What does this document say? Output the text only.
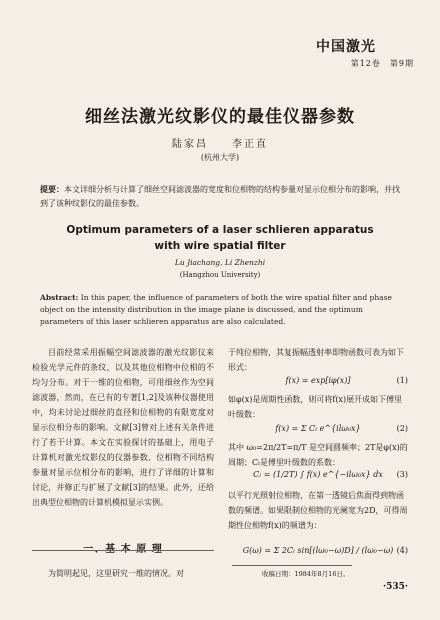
中国激光
第12卷　第9期
细丝法激光纹影仪的最佳仪器参数
陆家昌　　李正直
(杭州大学)
提要：本文详细分析与计算了细丝空间滤波器的宽度和位相物的结构参量对显示位相分布的影响，并找到了该种纹影仪的最佳参数。
Optimum parameters of a laser schlieren apparatus
with wire spatial filter
Lu Jiachang, Li Zhenzhi
(Hangzhou University)
Abstract: In this paper, the influence of parameters of both the wire spatial filter and phase object on the intensity distribution in the image plane is discussed, and the optimum parameters of this laser schlieren apparatus are also calculated.
目前经常采用振幅空间滤波器的激光纹影仪来检验光学元件的条纹，以及其他位相物中位相的不均匀分布。对于一维的位相物，可用细丝作为空间滤波器，然而，在已有的专著[1,2]及该种仪器使用中，均未讨论过细丝的直径和位相物的有限宽度对显示位相分布的影响。文献[3]曾对上述有关条件进行了若干计算。本文在实验探讨的基础上，用电子计算机对激光纹影仪的仪器参数、位相物不同结构参量对显示位相分布的影响，进行了详细的计算和讨论，并修正与扩展了文献[3]的结果。此外，还给出典型位相物的计算机模拟显示实例。
一、基 本 原 理
为简明起见，这里研究一维的情况。对
于纯位相物，其复振幅透射率即物函数可表为如下形式：
f(x) = exp[iφ(x)]	(1)
如φ(x)是周期性函数，则可将f(x)展开成如下傅里叶级数：
f(x) = Σ Cₗ e^{ilω₀x}	(2)
其中 ω₀=2π/2T=π/T 是空间圆频率；2T是φ(x)的周期；Cₗ是傅里叶级数的系数：
Cₗ = (1/2T) ∫ f(x) e^{−ilω₀x} dx (3)
以平行光照射位相物，在第一透镜后焦面得到物函数的频谱。如果限制位相物的光阑宽为2D，可得周期性位相物f(x)的频谱为：
G(ω) = Σ 2Cₗ sin[(lω₀−ω)D] / (lω₀−ω) (4)
收稿日期：1984年8月16日。
·535·
